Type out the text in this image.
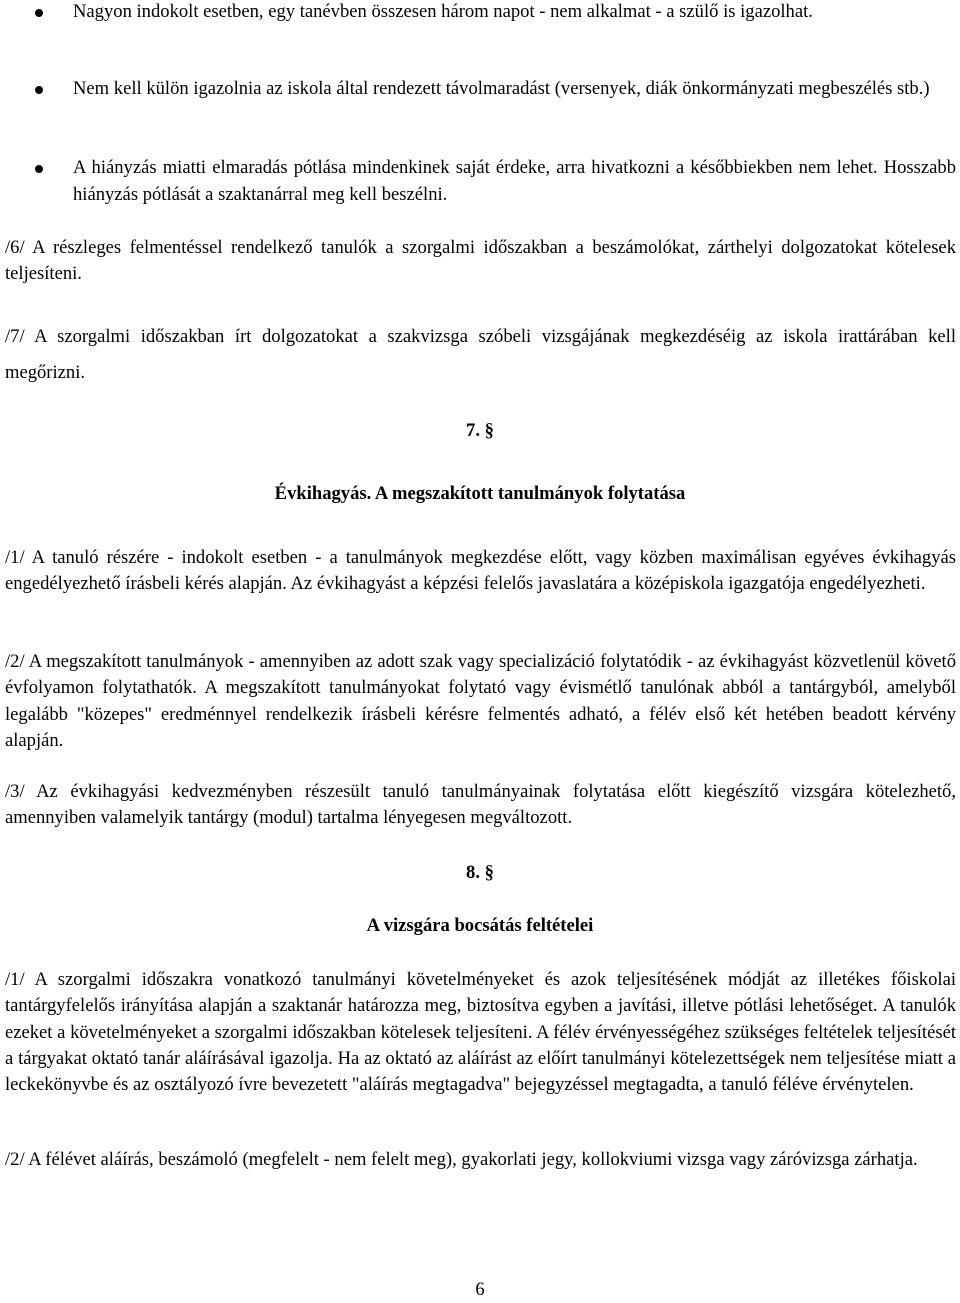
Nagyon indokolt esetben, egy tanévben összesen három napot - nem alkalmat - a szülő is igazolhat.
Nem kell külön igazolnia az iskola által rendezett távolmaradást (versenyek, diák önkormányzati megbeszélés stb.)
A hiányzás miatti elmaradás pótlása mindenkinek saját érdeke, arra hivatkozni a későbbiekben nem lehet. Hosszabb hiányzás pótlását a szaktanárral meg kell beszélni.

/6/ A részleges felmentéssel rendelkező tanulók a szorgalmi időszakban a beszámolókat, zárthelyi dolgozatokat kötelesek teljesíteni.

/7/ A szorgalmi időszakban írt dolgozatokat a szakvizsga szóbeli vizsgájának megkezdéséig az iskola irattárában kell megőrizni.

7. §
Évkihagyás. A megszakított tanulmányok folytatása

/1/ A tanuló részére - indokolt esetben - a tanulmányok megkezdése előtt, vagy közben maximálisan egyéves évkihagyás engedélyezhető írásbeli kérés alapján. Az évkihagyást a képzési felelős javaslatára a középiskola igazgatója engedélyezheti.

/2/ A megszakított tanulmányok - amennyiben az adott szak vagy specializáció folytatódik - az évkihagyást közvetlenül követő évfolyamon folytathatók. A megszakított tanulmányokat folytató vagy évismétlő tanulónak abból a tantárgyból, amelyből legalább "közepes" eredménnyel rendelkezik írásbeli kérésre felmentés adható, a félév első két hetében beadott kérvény alapján.

/3/ Az évkihagyási kedvezményben részesült tanuló tanulmányainak folytatása előtt kiegészítő vizsgára kötelezhető, amennyiben valamelyik tantárgy (modul) tartalma lényegesen megváltozott.

8. §
A vizsgára bocsátás feltételei

/1/ A szorgalmi időszakra vonatkozó tanulmányi követelményeket és azok teljesítésének módját az illetékes főiskolai tantárgyfelelős irányítása alapján a szaktanár határozza meg, biztosítva egyben a javítási, illetve pótlási lehetőséget. A tanulók ezeket a követelményeket a szorgalmi időszakban kötelesek teljesíteni. A félév érvényességéhez szükséges feltételek teljesítését a tárgyakat oktató tanár aláírásával igazolja. Ha az oktató az aláírást az előírt tanulmányi kötelezettségek nem teljesítése miatt a leckekönyvbe és az osztályozó ívre bevezetett "aláírás megtagadva" bejegyzéssel megtagadta, a tanuló féléve érvénytelen.

/2/ A félévet aláírás, beszámoló (megfelelt - nem felelt meg), gyakorlati jegy, kollokviumi vizsga vagy záróvizsga zárhatja.

6
